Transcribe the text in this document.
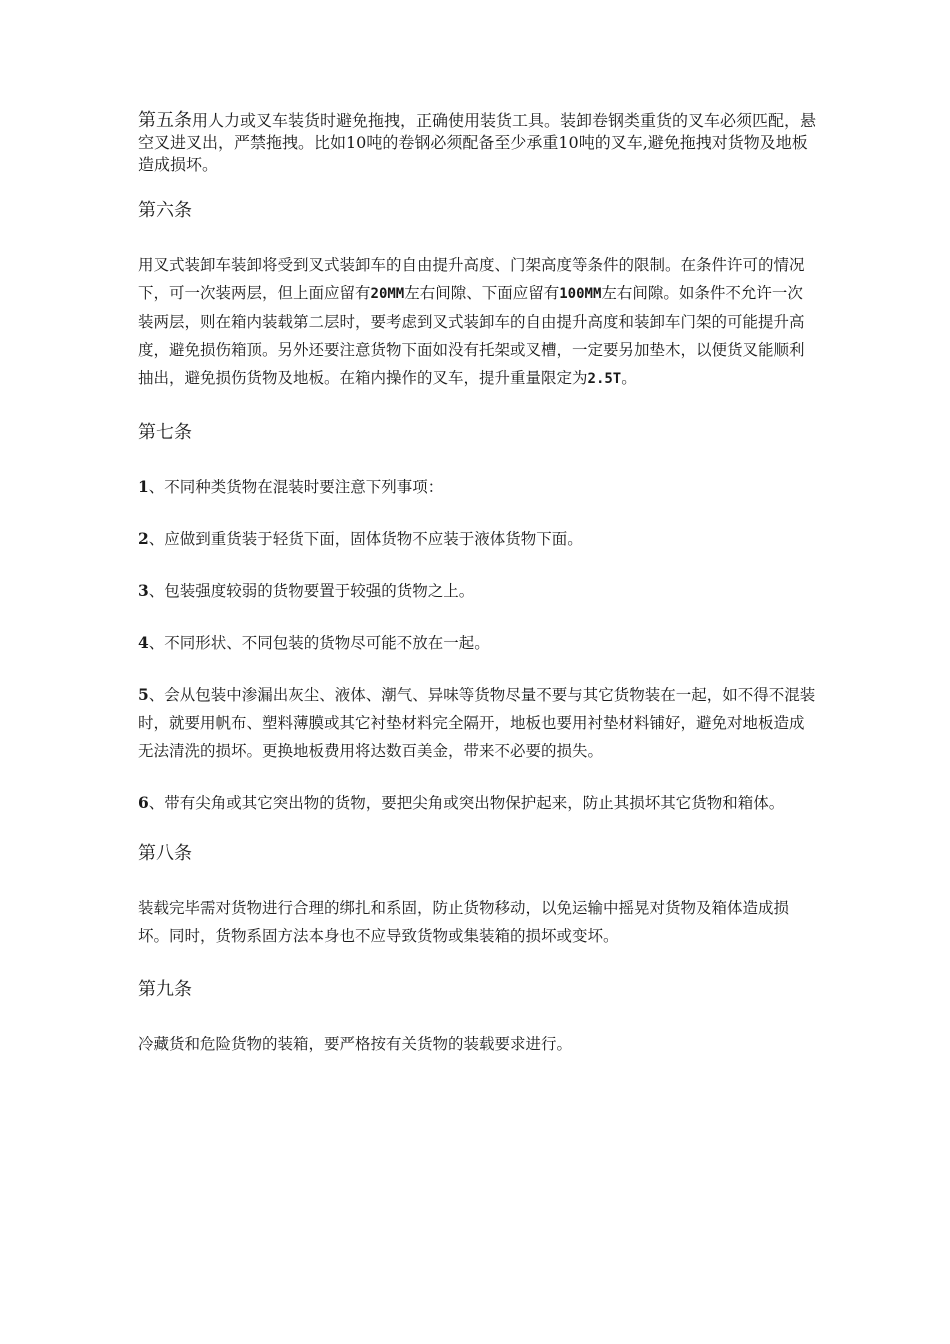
第五条用人力或叉车装货时避免拖拽，正确使用装货工具。装卸卷钢类重货的叉车必须匹配，悬空叉进叉出，严禁拖拽。比如10吨的卷钢必须配备至少承重10吨的叉车,避免拖拽对货物及地板造成损坏。

第六条

用叉式装卸车装卸将受到叉式装卸车的自由提升高度、门架高度等条件的限制。在条件许可的情况下，可一次装两层，但上面应留有20MM左右间隙、下面应留有100MM左右间隙。如条件不允许一次装两层，则在箱内装载第二层时，要考虑到叉式装卸车的自由提升高度和装卸车门架的可能提升高度，避免损伤箱顶。另外还要注意货物下面如没有托架或叉槽，一定要另加垫木，以便货叉能顺利抽出，避免损伤货物及地板。在箱内操作的叉车，提升重量限定为2.5T。

第七条

1、不同种类货物在混装时要注意下列事项：

2、应做到重货装于轻货下面，固体货物不应装于液体货物下面。

3、包装强度较弱的货物要置于较强的货物之上。

4、不同形状、不同包装的货物尽可能不放在一起。

5、会从包装中渗漏出灰尘、液体、潮气、异味等货物尽量不要与其它货物装在一起，如不得不混装时，就要用帆布、塑料薄膜或其它衬垫材料完全隔开，地板也要用衬垫材料铺好，避免对地板造成无法清洗的损坏。更换地板费用将达数百美金，带来不必要的损失。

6、带有尖角或其它突出物的货物，要把尖角或突出物保护起来，防止其损坏其它货物和箱体。

第八条

装载完毕需对货物进行合理的绑扎和系固，防止货物移动，以免运输中摇晃对货物及箱体造成损坏。同时，货物系固方法本身也不应导致货物或集装箱的损坏或变坏。

第九条

冷藏货和危险货物的装箱，要严格按有关货物的装载要求进行。
